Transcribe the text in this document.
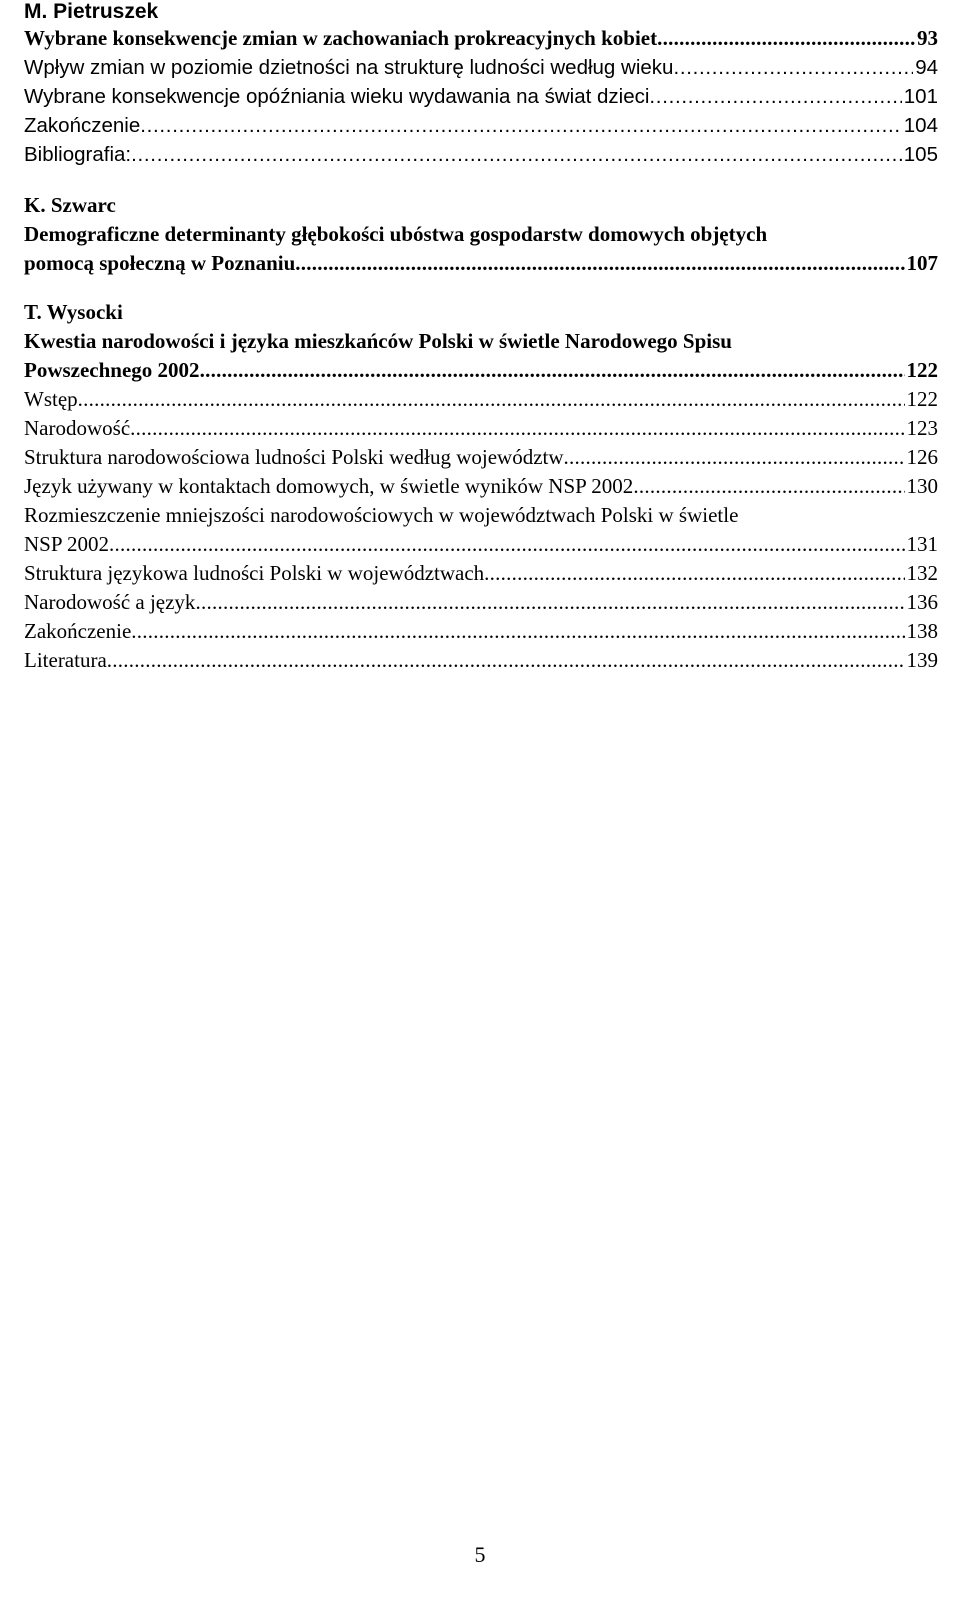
M. Pietruszek
Wybrane konsekwencje zmian w zachowaniach prokreacyjnych kobiet . . .	93
Wpływ zmian w poziomie dzietności na strukturę ludności według wieku . . .	94
Wybrane konsekwencje opóźniania wieku wydawania na świat dzieci . . .	101
Zakończenie . . .	104
Bibliografia: . . .	105
K. Szwarc
Demograficzne determinanty głębokości ubóstwa gospodarstw domowych objętych
pomocą społeczną w Poznaniu . . .	107
T. Wysocki
Kwestia narodowości i języka mieszkańców Polski w świetle Narodowego Spisu
Powszechnego 2002 . . .	122
Wstęp . . .	122
Narodowość . . .	123
Struktura narodowościowa ludności Polski według województw . . .	126
Język używany w kontaktach domowych, w świetle wyników NSP 2002 . . .	130
Rozmieszczenie mniejszości narodowościowych w województwach Polski w świetle
NSP 2002 . . .	131
Struktura językowa ludności Polski w województwach . . .	132
Narodowość a język . . .	136
Zakończenie . . .	138
Literatura . . .	139
5
